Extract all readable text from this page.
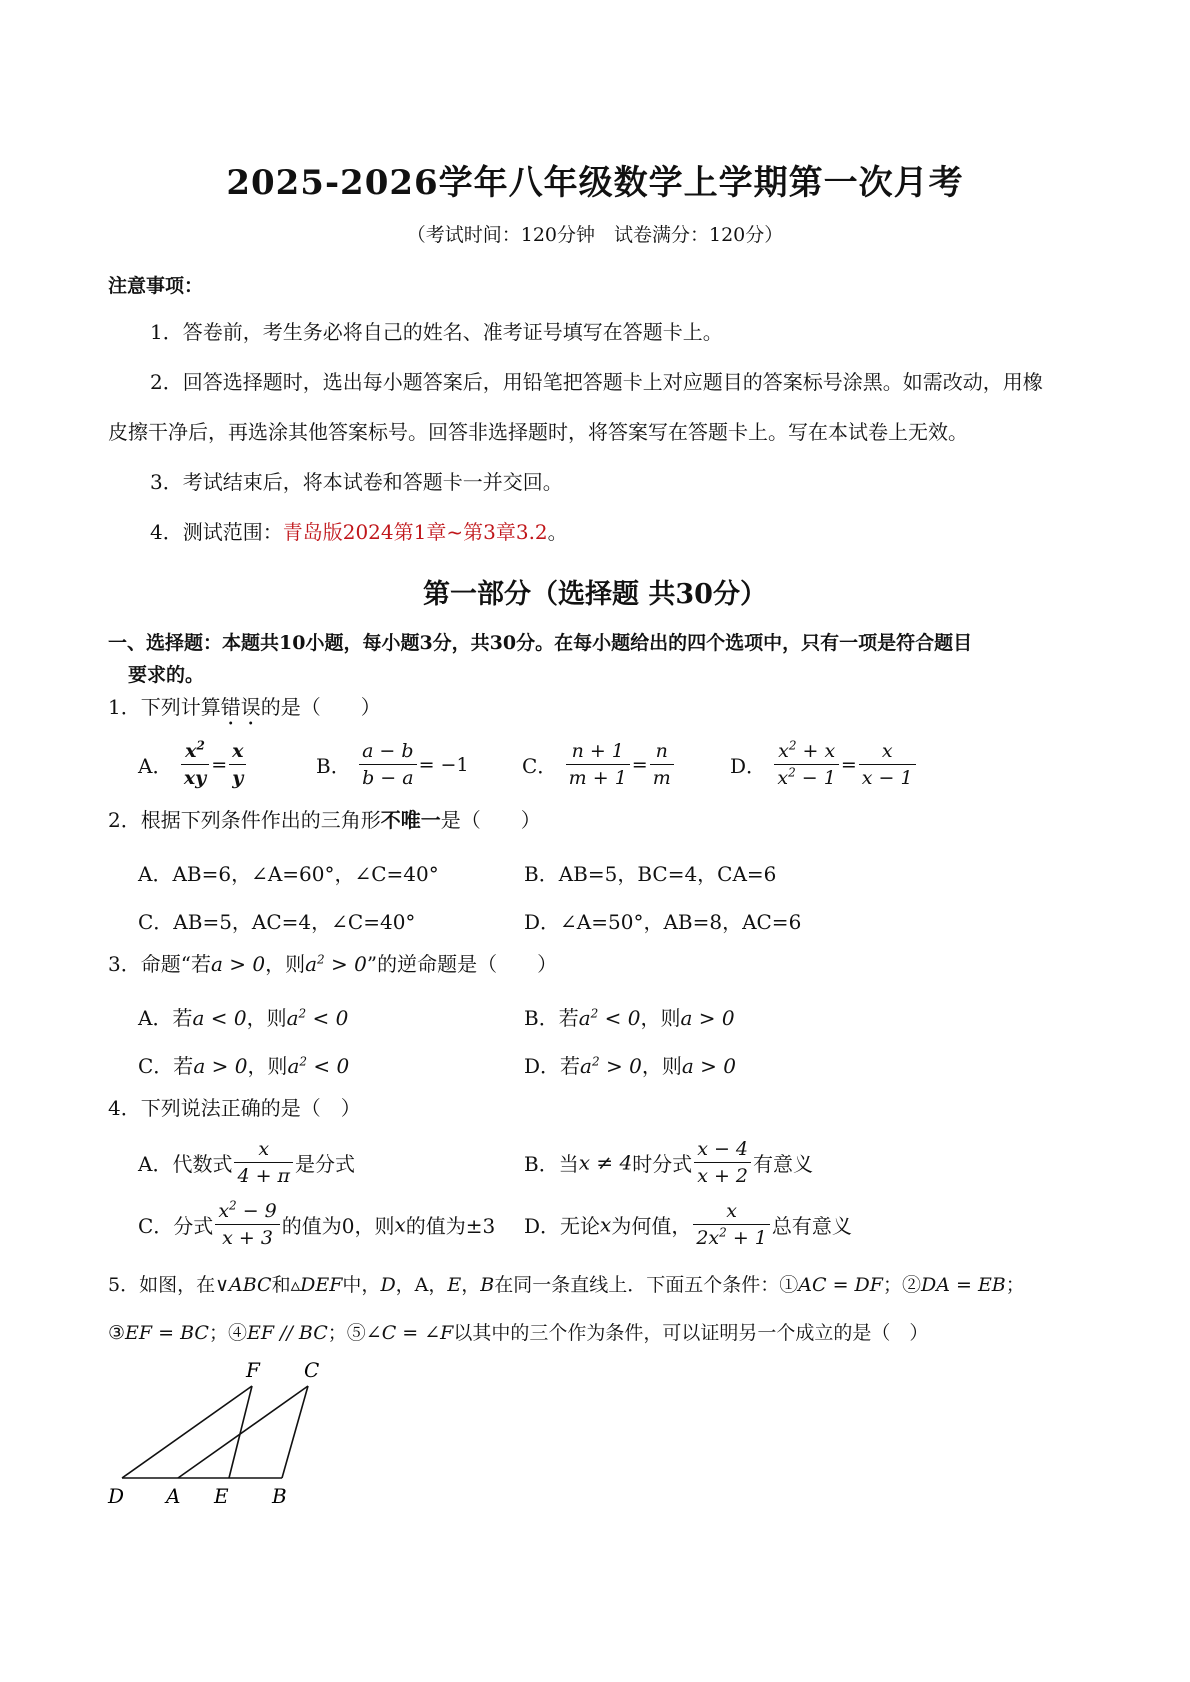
2025-2026学年八年级数学上学期第一次月考
（考试时间：120分钟　试卷满分：120分）
注意事项：
1．答卷前，考生务必将自己的姓名、准考证号填写在答题卡上。
2．回答选择题时，选出每小题答案后，用铅笔把答题卡上对应题目的答案标号涂黑。如需改动，用橡
皮擦干净后，再选涂其他答案标号。回答非选择题时，将答案写在答题卡上。写在本试卷上无效。
3．考试结束后，将本试卷和答题卡一并交回。
4．测试范围：青岛版2024第1章~第3章3.2。
第一部分（选择题 共30分）
一、选择题：本题共10小题，每小题3分，共30分。在每小题给出的四个选项中，只有一项是符合题目
要求的。
1．下列计算错误的是（　　）
A． $\frac{x^2}{xy} = \frac{x}{y}$	B． $\frac{a - b}{b - a} = -1$	C． $\frac{n + 1}{m + 1} = \frac{n}{m}$	D． $\frac{x^2 + x}{x^2 - 1} = \frac{x}{x - 1}$
2．根据下列条件作出的三角形不唯一是（　　）
A．AB=6，∠A=60°，∠C=40°	B．AB=5，BC=4，CA=6
C．AB=5，AC=4，∠C=40°	D．∠A=50°，AB=8，AC=6
3．命题“若a > 0，则$a^2 > 0$”的逆命题是（　　）
A．若a < 0，则$a^2 < 0$	B．若$a^2 < 0$，则a > 0
C．若a > 0，则$a^2 < 0$	D．若$a^2 > 0$，则a > 0
4．下列说法正确的是（　）
A．代数式 $\frac{x}{4 + \pi}$ 是分式	B．当x ≠ 4时分式 $\frac{x - 4}{x + 2}$ 有意义
C．分式 $\frac{x^2 - 9}{x + 3}$ 的值为0，则x的值为±3 D．无论x为何值， $\frac{x}{2x^2 + 1}$ 总有意义
5．如图，在∨ABC和▵DEF中，D，A，E，B在同一条直线上．下面五个条件：①AC = DF；②DA = EB；
③EF = BC；④EF // BC；⑤∠C = ∠F以其中的三个作为条件，可以证明另一个成立的是（　）
F C
D A E B
